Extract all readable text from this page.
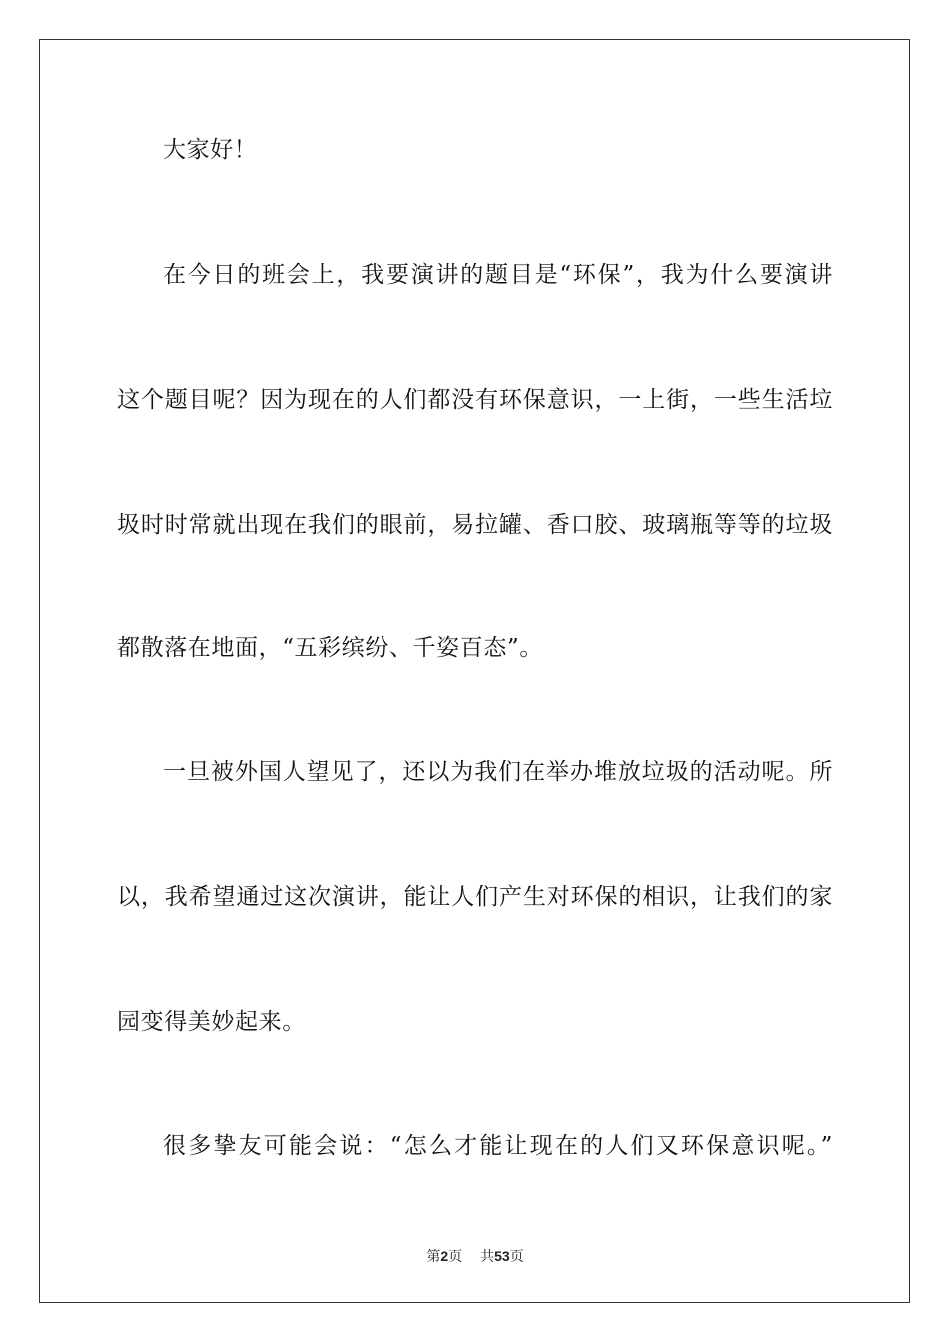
大家好！
在今日的班会上，我要演讲的题目是“环保”，我为什么要演讲
这个题目呢？因为现在的人们都没有环保意识，一上街，一些生活垃
圾时时常就出现在我们的眼前，易拉罐、香口胶、玻璃瓶等等的垃圾
都散落在地面，“五彩缤纷、千姿百态”。
一旦被外国人望见了，还以为我们在举办堆放垃圾的活动呢。所
以，我希望通过这次演讲，能让人们产生对环保的相识，让我们的家
园变得美妙起来。
很多挚友可能会说：“怎么才能让现在的人们又环保意识呢。”
第2页 共53页
